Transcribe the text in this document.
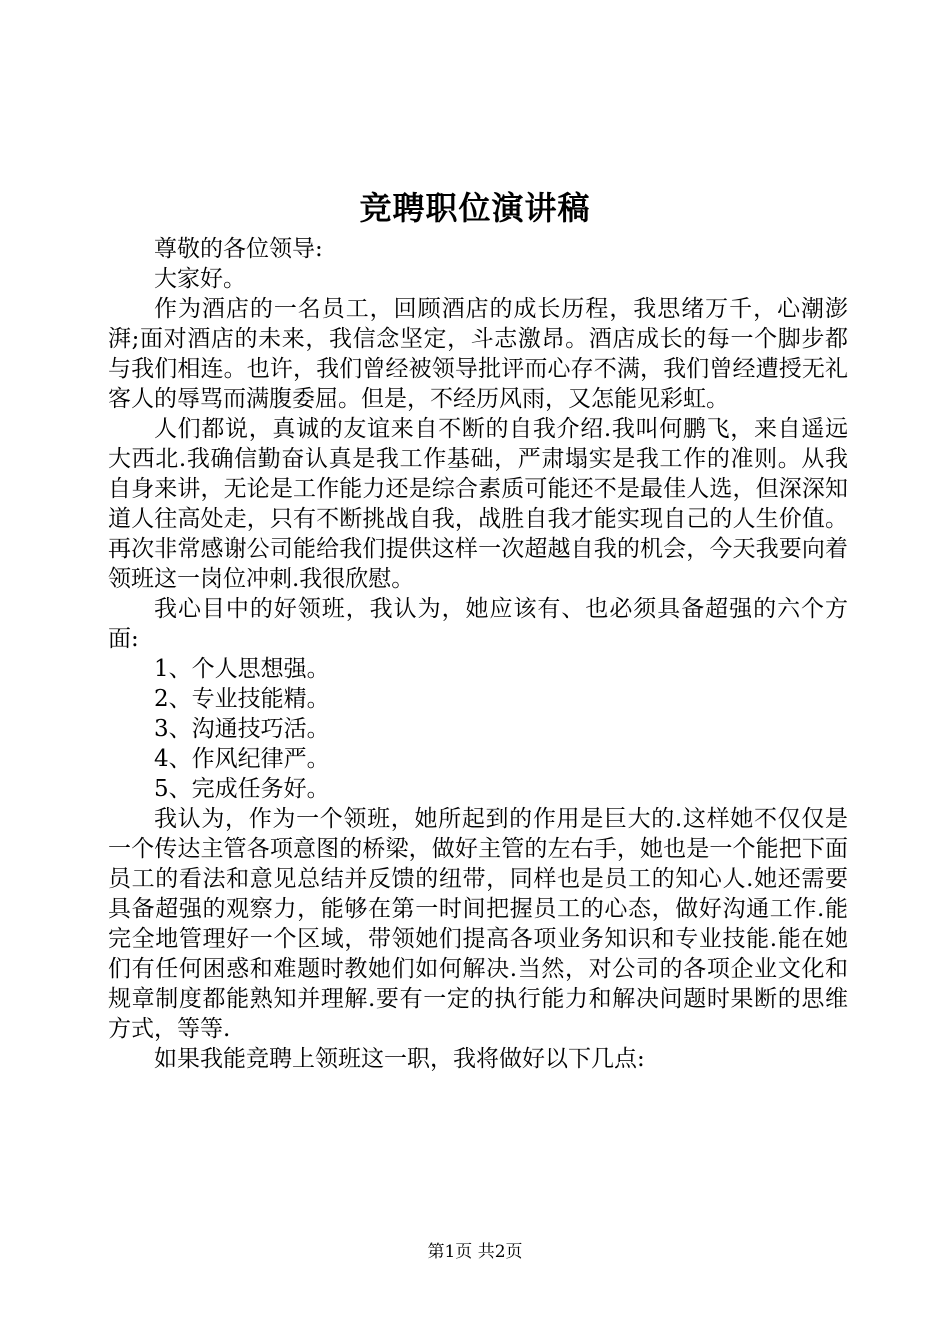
竞聘职位演讲稿

尊敬的各位领导:

大家好。

作为酒店的一名员工，回顾酒店的成长历程，我思绪万千，心潮澎湃;面对酒店的未来，我信念坚定，斗志激昂。酒店成长的每一个脚步都与我们相连。也许，我们曾经被领导批评而心存不满，我们曾经遭授无礼客人的辱骂而满腹委屈。但是，不经历风雨，又怎能见彩虹。

人们都说，真诚的友谊来自不断的自我介绍.我叫何鹏飞，来自遥远大西北.我确信勤奋认真是我工作基础，严肃塌实是我工作的准则。从我自身来讲，无论是工作能力还是综合素质可能还不是最佳人选，但深深知道人往高处走，只有不断挑战自我，战胜自我才能实现自己的人生价值。再次非常感谢公司能给我们提供这样一次超越自我的机会，今天我要向着领班这一岗位冲刺.我很欣慰。

我心目中的好领班，我认为，她应该有、也必须具备超强的六个方面:

1、个人思想强。

2、专业技能精。

3、沟通技巧活。

4、作风纪律严。

5、完成任务好。

我认为，作为一个领班，她所起到的作用是巨大的.这样她不仅仅是一个传达主管各项意图的桥梁，做好主管的左右手，她也是一个能把下面员工的看法和意见总结并反馈的纽带，同样也是员工的知心人.她还需要具备超强的观察力，能够在第一时间把握员工的心态，做好沟通工作.能完全地管理好一个区域，带领她们提高各项业务知识和专业技能.能在她们有任何困惑和难题时教她们如何解决.当然，对公司的各项企业文化和规章制度都能熟知并理解.要有一定的执行能力和解决问题时果断的思维方式，等等.

如果我能竞聘上领班这一职，我将做好以下几点:

第1页 共2页
